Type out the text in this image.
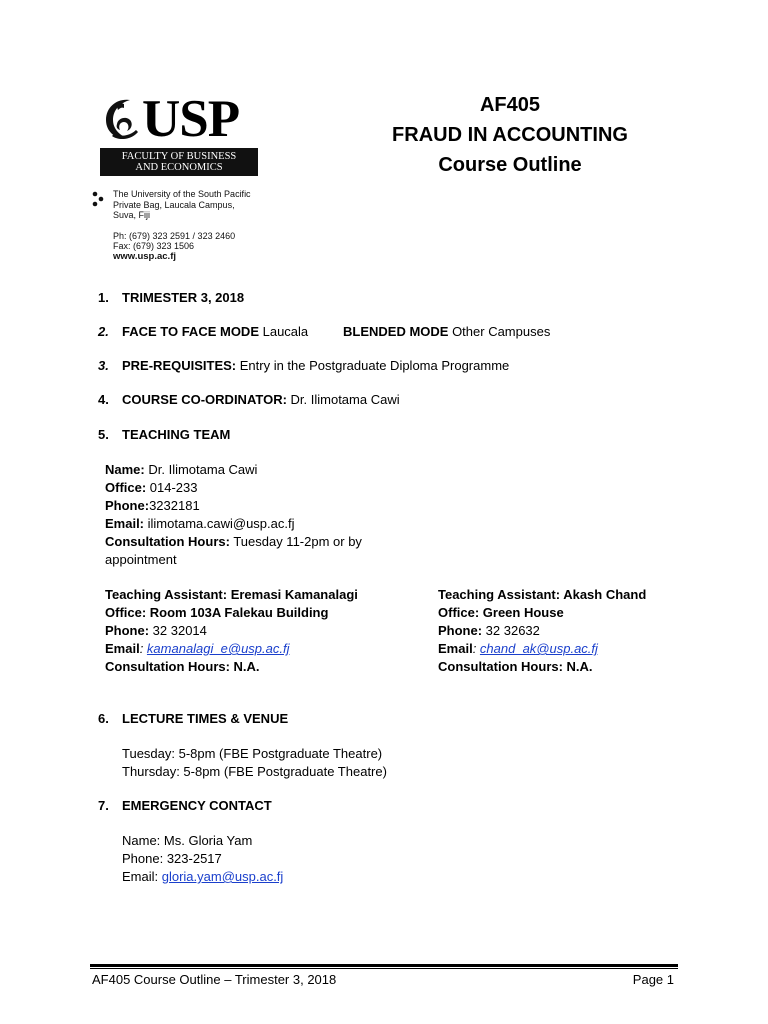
USP
FACULTY OF BUSINESS
AND ECONOMICS
The University of the South Pacific
Private Bag, Laucala Campus,
Suva, Fiji
Ph: (679) 323 2591 / 323 2460
Fax: (679) 323 1506
www.usp.ac.fj
AF405
FRAUD IN ACCOUNTING
Course Outline
1. TRIMESTER 3, 2018
2. FACE TO FACE MODE Laucala	BLENDED MODE Other Campuses
3. PRE-REQUISITES: Entry in the Postgraduate Diploma Programme
4. COURSE CO-ORDINATOR: Dr. Ilimotama Cawi
5. TEACHING TEAM
Name: Dr. Ilimotama Cawi
Office: 014-233
Phone:3232181
Email: ilimotama.cawi@usp.ac.fj
Consultation Hours: Tuesday 11-2pm or by
appointment
Teaching Assistant: Eremasi Kamanalagi
Office: Room 103A Falekau Building
Phone: 32 32014
Email: kamanalagi_e@usp.ac.fj
Consultation Hours: N.A.
Teaching Assistant: Akash Chand
Office: Green House
Phone: 32 32632
Email: chand_ak@usp.ac.fj
Consultation Hours: N.A.
6. LECTURE TIMES & VENUE
Tuesday: 5-8pm (FBE Postgraduate Theatre)
Thursday: 5-8pm (FBE Postgraduate Theatre)
7. EMERGENCY CONTACT
Name: Ms. Gloria Yam
Phone: 323-2517
Email: gloria.yam@usp.ac.fj
AF405 Course Outline – Trimester 3, 2018	Page 1
